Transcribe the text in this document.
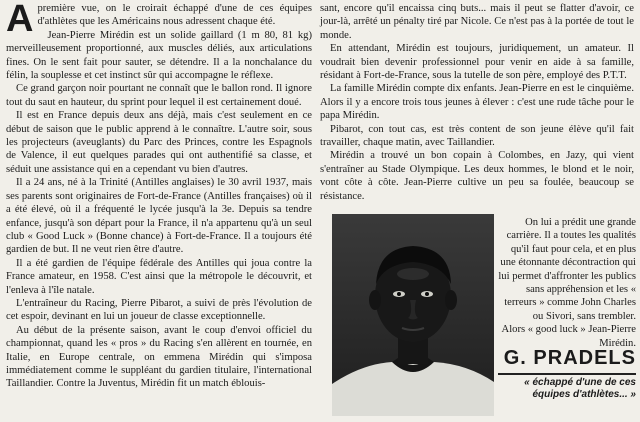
Apremière vue, on le croirait échappé d'une de ces équipes d'athlètes que les Américains nous adressent chaque été.

Jean-Pierre Mirédin est un solide gaillard (1 m 80, 81 kg) merveilleusement proportionné, aux muscles déliés, aux articulations fines. On le sent fait pour sauter, se détendre. Il a la nonchalance du félin, la souplesse et cet instinct sûr qui accompagne le réflexe.

Ce grand garçon noir pourtant ne connaît que le ballon rond. Il ignore tout du saut en hauteur, du sprint pour lequel il est certainement doué.

Il est en France depuis deux ans déjà, mais c'est seulement en ce début de saison que le public apprend à le connaître. L'autre soir, sous les projecteurs (aveuglants) du Parc des Princes, contre les Espagnols de Valence, il eut quelques parades qui ont authentifié sa classe, et séduit une assistance qui en a cependant vu bien d'autres.

Il a 24 ans, né à la Trinité (Antilles anglaises) le 30 avril 1937, mais ses parents sont originaires de Fort-de-France (Antilles françaises) où il a été élevé, où il a fréquenté le lycée jusqu'à la 3e. Depuis sa tendre enfance, jusqu'à son départ pour la France, il n'a appartenu qu'à un seul club « Good Luck » (Bonne chance) à Fort-de-France. Il a toujours été gardien de but. Il ne veut rien être d'autre.

Il a été gardien de l'équipe fédérale des Antilles qui joua contre la France amateur, en 1958. C'est ainsi que la métropole le découvrit, et l'enleva à l'île natale.

L'entraîneur du Racing, Pierre Pibarot, a suivi de près l'évolution de cet espoir, devinant en lui un joueur de classe exceptionnelle.

Au début de la présente saison, avant le coup d'envoi officiel du championnat, quand les « pros » du Racing s'en allèrent en tournée, en Italie, en Europe centrale, on emmena Mirédin qui s'imposa immédiatement comme le suppléant du gardien titulaire, l'international Taillandier. Contre la Juventus, Mirédin fit un match éblouis-

sant, encore qu'il encaissa cinq buts... mais il peut se flatter d'avoir, ce jour-là, arrêté un pénalty tiré par Nicole. Ce n'est pas à la portée de tout le monde.

En attendant, Mirédin est toujours, juridiquement, un amateur. Il voudrait bien devenir professionnel pour venir en aide à sa famille, résidant à Fort-de-France, sous la tutelle de son père, employé des P.T.T.

La famille Mirédin compte dix enfants. Jean-Pierre en est le cinquième. Alors il y a encore trois tous jeunes à élever : c'est une rude tâche pour le papa Mirédin.

Pibarot, con tout cas, est très content de son jeune élève qu'il fait travailler, chaque matin, avec Taillandier.

Mirédin a trouvé un bon copain à Colombes, en Jazy, qui vient s'entraîner au Stade Olympique. Les deux hommes, le blond et le noir, vont côte à côte. Jean-Pierre cultive un peu sa foulée, beaucoup se résistance.

On lui a prédit une grande carrière. Il a toutes les qualités qu'il faut pour cela, et en plus une étonnante décontraction qui lui permet d'affronter les publics sans appréhension et les « terreurs » comme John Charles ou Sivori, sans trembler.

Alors « good luck » Jean-Pierre Mirédin.

G. PRADELS
« échappé d'une de ces équipes d'athlètes... »
